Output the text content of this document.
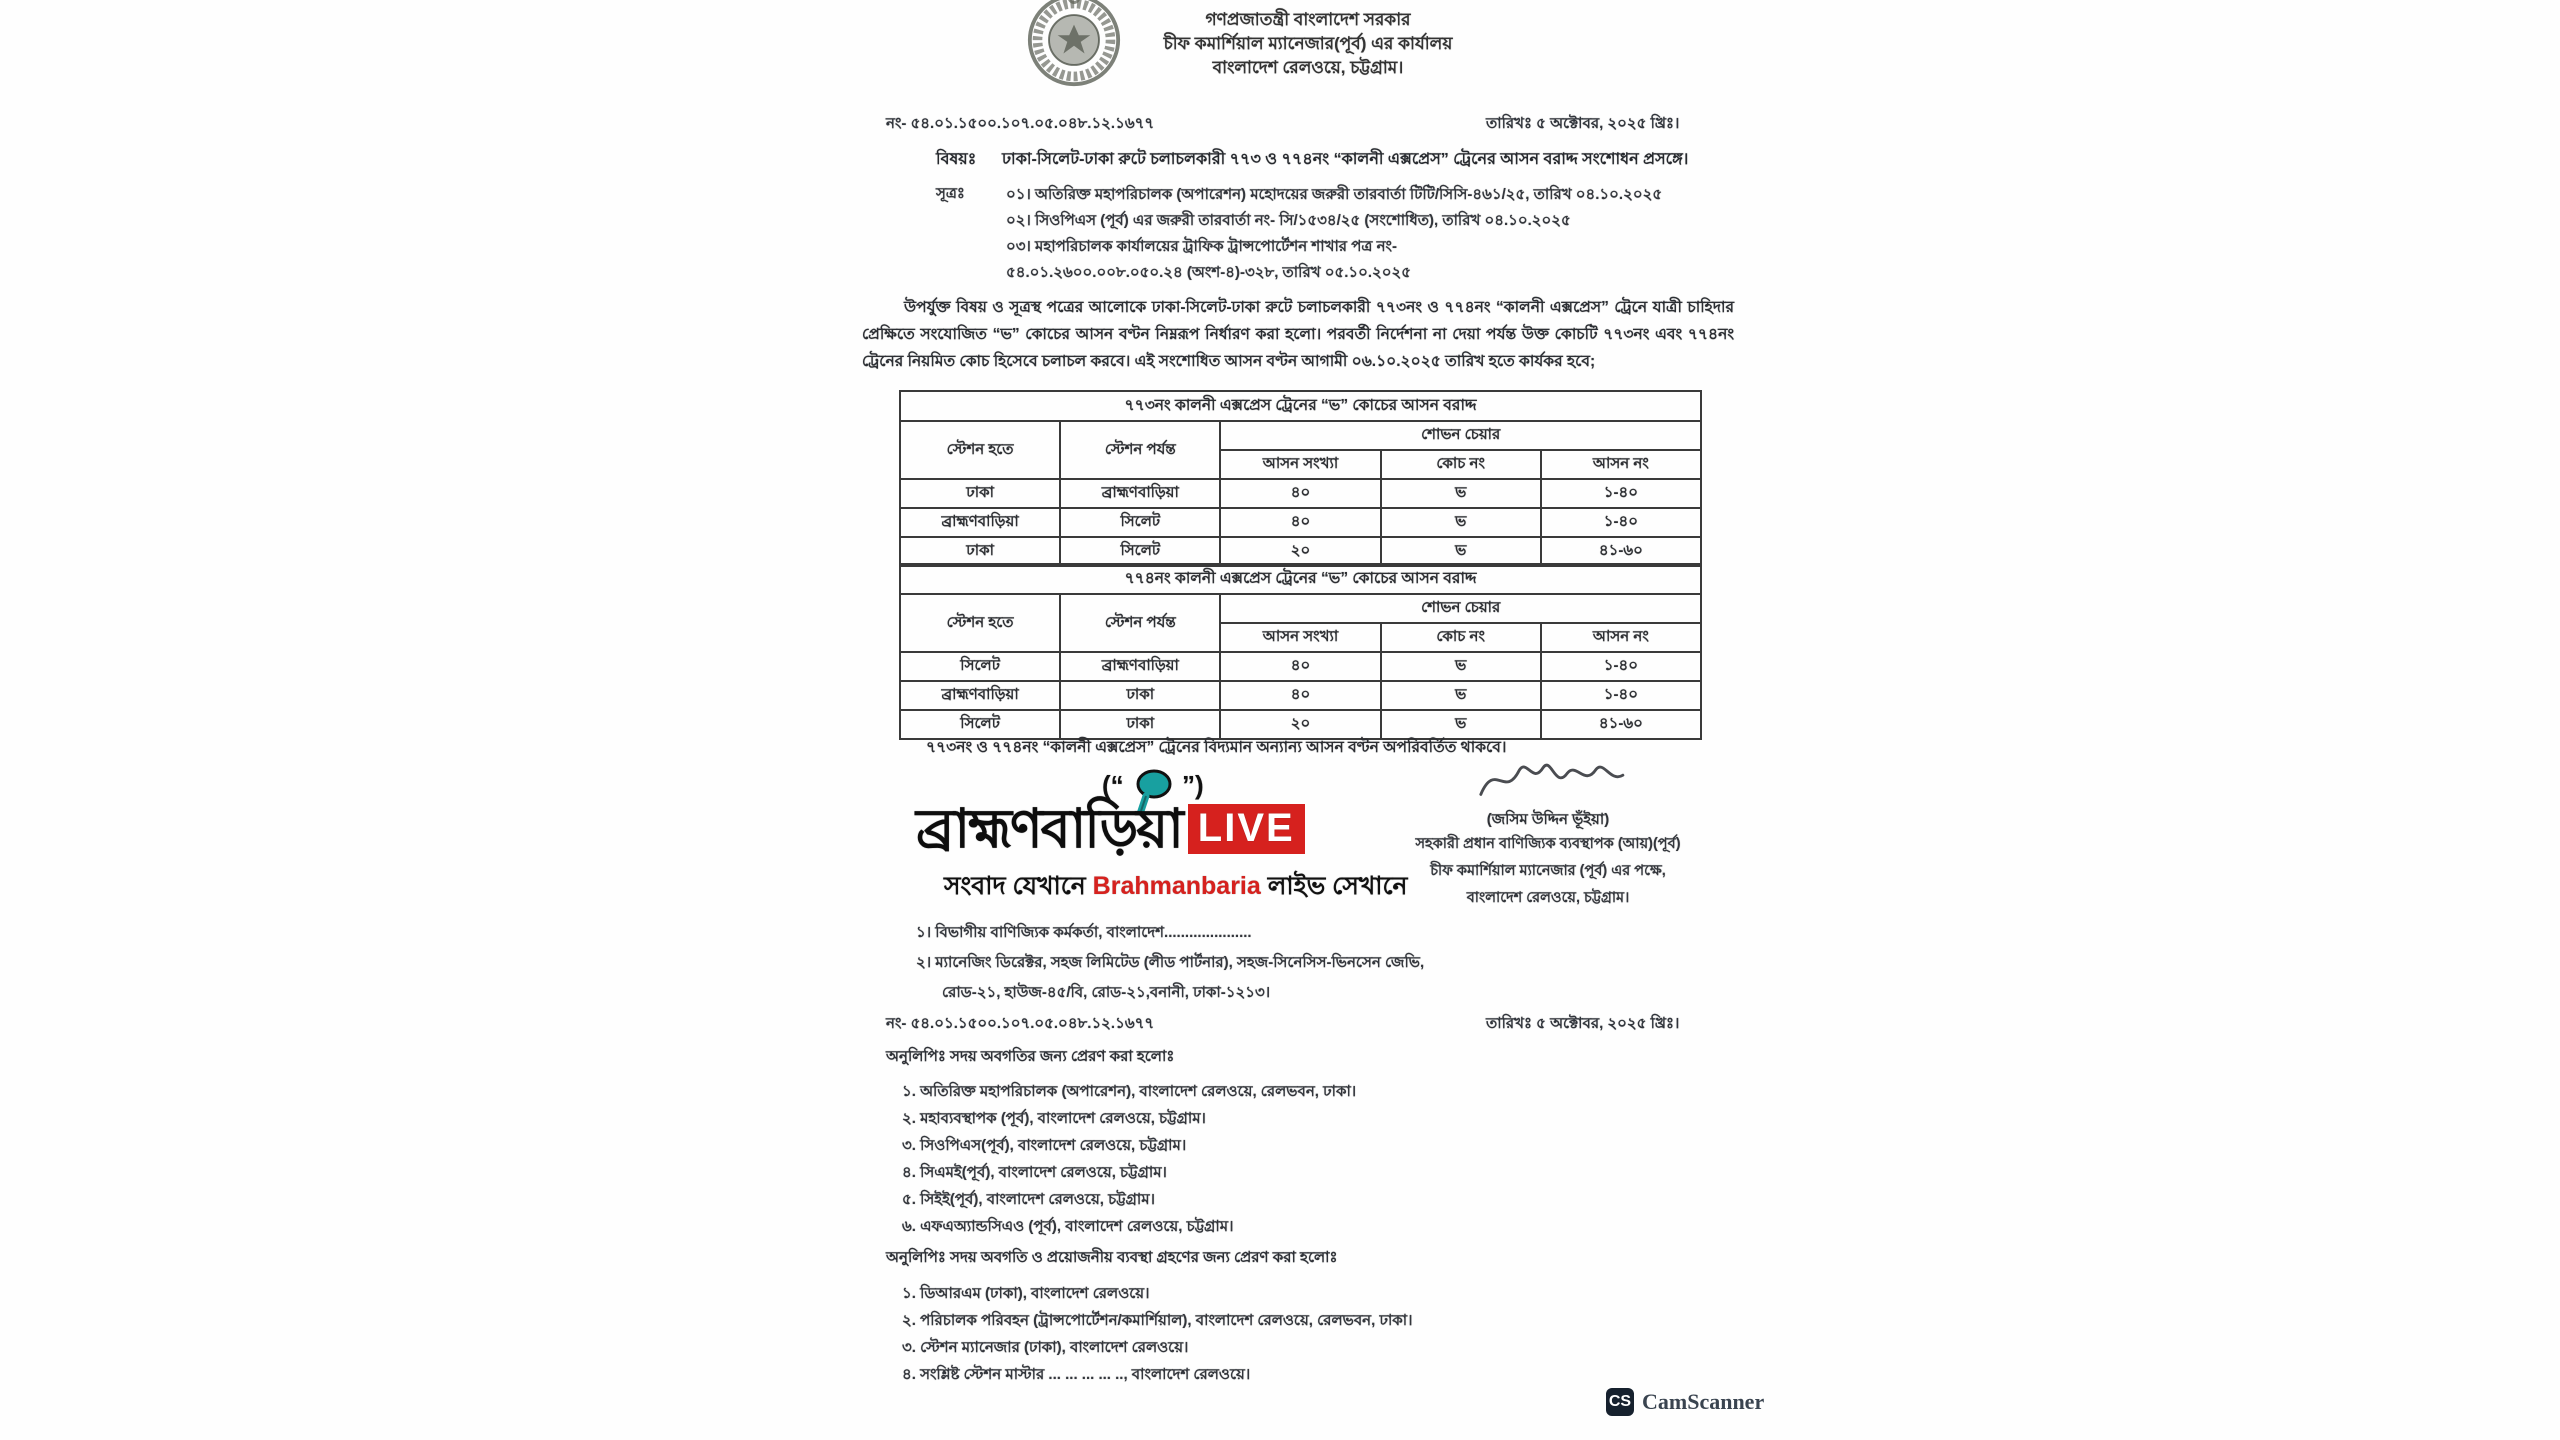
গণপ্রজাতন্ত্রী বাংলাদেশ সরকার
চীফ কমার্শিয়াল ম্যানেজার(পূর্ব) এর কার্যালয়
বাংলাদেশ রেলওয়ে, চট্টগ্রাম।
নং- ৫৪.০১.১৫০০.১০৭.০৫.০৪৮.১২.১৬৭৭	তারিখঃ ৫ অক্টোবর, ২০২৫ খ্রিঃ।
বিষয়ঃ ঢাকা-সিলেট-ঢাকা রুটে চলাচলকারী ৭৭৩ ও ৭৭৪নং “কালনী এক্সপ্রেস” ট্রেনের আসন বরাদ্দ সংশোধন প্রসঙ্গে।
সূত্রঃ	০১। অতিরিক্ত মহাপরিচালক (অপারেশন) মহোদয়ের জরুরী তারবার্তা টিটি/সিসি-৪৬১/২৫, তারিখ ০৪.১০.২০২৫
০২। সিওপিএস (পূর্ব) এর জরুরী তারবার্তা নং- সি/১৫৩৪/২৫ (সংশোধিত), তারিখ ০৪.১০.২০২৫
০৩। মহাপরিচালক কার্যালয়ের ট্রাফিক ট্রান্সপোর্টেশন শাখার পত্র নং-
৫৪.০১.২৬০০.০০৮.০৫০.২৪ (অংশ-৪)-৩২৮, তারিখ ০৫.১০.২০২৫
উপর্যুক্ত বিষয় ও সূত্রস্থ পত্রের আলোকে ঢাকা-সিলেট-ঢাকা রুটে চলাচলকারী ৭৭৩নং ও ৭৭৪নং “কালনী এক্সপ্রেস” ট্রেনে যাত্রী চাহিদার প্রেক্ষিতে সংযোজিত “ভ” কোচের আসন বণ্টন নিম্নরূপ নির্ধারণ করা হলো। পরবর্তী নির্দেশনা না দেয়া পর্যন্ত উক্ত কোচটি ৭৭৩নং এবং ৭৭৪নং ট্রেনের নিয়মিত কোচ হিসেবে চলাচল করবে। এই সংশোধিত আসন বণ্টন আগামী ০৬.১০.২০২৫ তারিখ হতে কার্যকর হবে;
৭৭৩নং কালনী এক্সপ্রেস ট্রেনের “ভ” কোচের আসন বরাদ্দ				
স্টেশন হতে	স্টেশন পর্যন্ত	শোভন চেয়ার		
		আসন সংখ্যা	কোচ নং	আসন নং
ঢাকা	ব্রাহ্মণবাড়িয়া	৪০	ভ	১-৪০
ব্রাহ্মণবাড়িয়া	সিলেট	৪০	ভ	১-৪০
ঢাকা	সিলেট	২০	ভ	৪১-৬০
৭৭৪নং কালনী এক্সপ্রেস ট্রেনের “ভ” কোচের আসন বরাদ্দ				
স্টেশন হতে	স্টেশন পর্যন্ত	শোভন চেয়ার		
		আসন সংখ্যা	কোচ নং	আসন নং
সিলেট	ব্রাহ্মণবাড়িয়া	৪০	ভ	১-৪০
ব্রাহ্মণবাড়িয়া	ঢাকা	৪০	ভ	১-৪০
সিলেট	ঢাকা	২০	ভ	৪১-৬০
৭৭৩নং ও ৭৭৪নং “কালনী এক্সপ্রেস” ট্রেনের বিদ্যমান অন্যান্য আসন বণ্টন অপরিবর্তিত থাকবে।
(জসিম উদ্দিন ভূঁইয়া)
সহকারী প্রধান বাণিজ্যিক ব্যবস্থাপক (আয়)(পূর্ব)
চীফ কমার্শিয়াল ম্যানেজার (পূর্ব) এর পক্ষে,
বাংলাদেশ রেলওয়ে, চট্টগ্রাম।
(“ ”)
ব্রাহ্মণবাড়িয়া LIVE
সংবাদ যেখানে Brahmanbaria লাইভ সেখানে
১। বিভাগীয় বাণিজ্যিক কর্মকর্তা, বাংলাদেশ.....................
২। ম্যানেজিং ডিরেক্টর, সহজ লিমিটেড (লীড পার্টনার), সহজ-সিনেসিস-ভিনসেন জেভি,
রোড-২১, হাউজ-৪৫/বি, রোড-২১,বনানী, ঢাকা-১২১৩।
নং- ৫৪.০১.১৫০০.১০৭.০৫.০৪৮.১২.১৬৭৭	তারিখঃ ৫ অক্টোবর, ২০২৫ খ্রিঃ।
অনুলিপিঃ সদয় অবগতির জন্য প্রেরণ করা হলোঃ
১. অতিরিক্ত মহাপরিচালক (অপারেশন), বাংলাদেশ রেলওয়ে, রেলভবন, ঢাকা।
২. মহাব্যবস্থাপক (পূর্ব), বাংলাদেশ রেলওয়ে, চট্টগ্রাম।
৩. সিওপিএস(পূর্ব), বাংলাদেশ রেলওয়ে, চট্টগ্রাম।
৪. সিএমই(পূর্ব), বাংলাদেশ রেলওয়ে, চট্টগ্রাম।
৫. সিইই(পূর্ব), বাংলাদেশ রেলওয়ে, চট্টগ্রাম।
৬. এফএঅ্যান্ডসিএও (পূর্ব), বাংলাদেশ রেলওয়ে, চট্টগ্রাম।
অনুলিপিঃ সদয় অবগতি ও প্রয়োজনীয় ব্যবস্থা গ্রহণের জন্য প্রেরণ করা হলোঃ
১. ডিআরএম (ঢাকা), বাংলাদেশ রেলওয়ে।
২. পরিচালক পরিবহন (ট্রান্সপোর্টেশন/কমার্শিয়াল), বাংলাদেশ রেলওয়ে, রেলভবন, ঢাকা।
৩. স্টেশন ম্যানেজার (ঢাকা), বাংলাদেশ রেলওয়ে।
৪. সংশ্লিষ্ট স্টেশন মাস্টার ... ... ... ... .., বাংলাদেশ রেলওয়ে।
CS CamScanner
